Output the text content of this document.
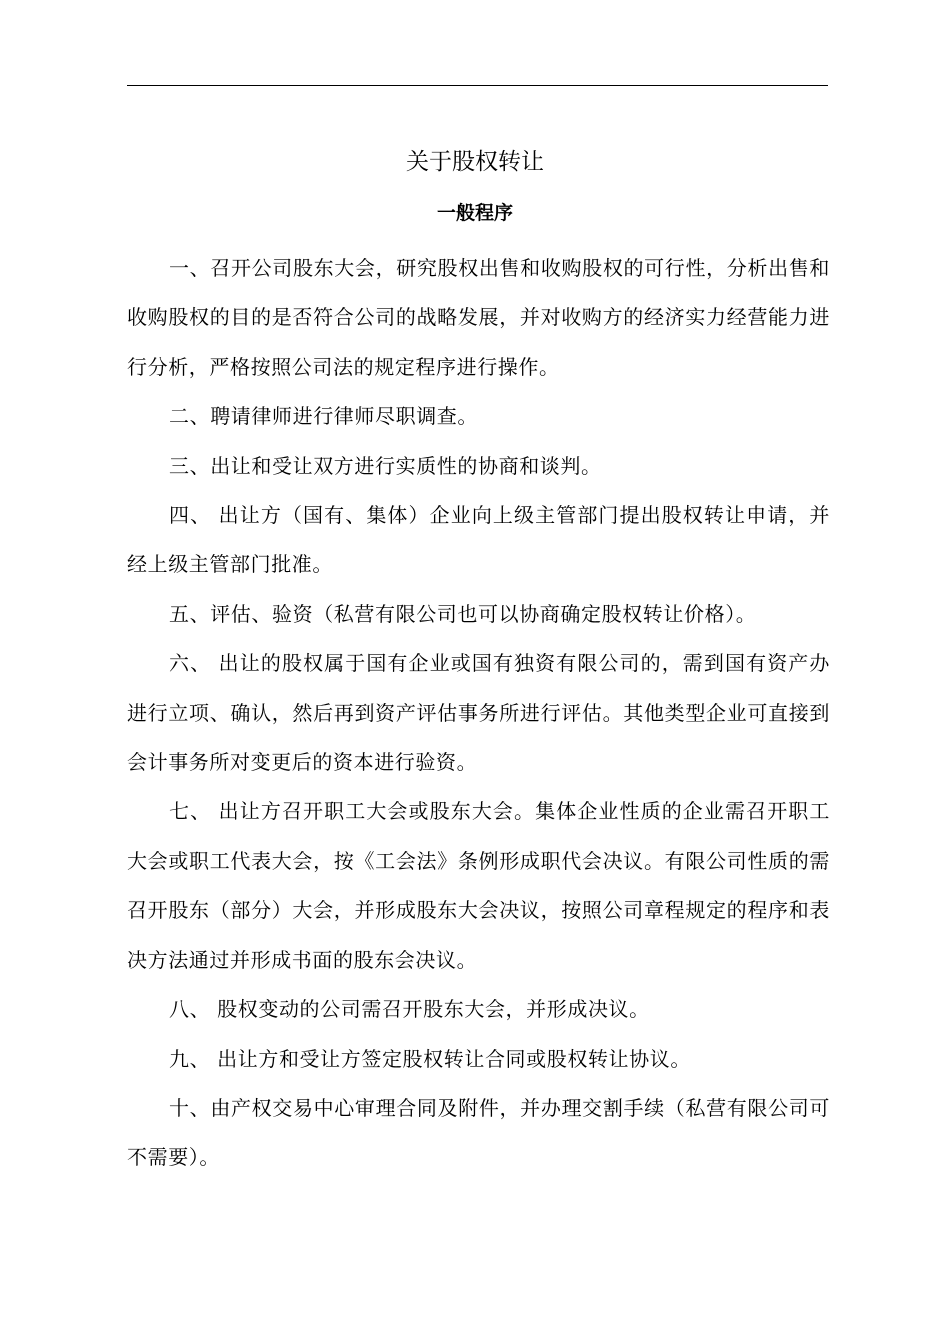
关于股权转让
一般程序

一、召开公司股东大会，研究股权出售和收购股权的可行性，分析出售和收购股权的目的是否符合公司的战略发展，并对收购方的经济实力经营能力进行分析，严格按照公司法的规定程序进行操作。

二、聘请律师进行律师尽职调查。

三、出让和受让双方进行实质性的协商和谈判。

四、 出让方（国有、集体）企业向上级主管部门提出股权转让申请，并经上级主管部门批准。

五、评估、验资（私营有限公司也可以协商确定股权转让价格）。

六、 出让的股权属于国有企业或国有独资有限公司的，需到国有资产办进行立项、确认，然后再到资产评估事务所进行评估。其他类型企业可直接到会计事务所对变更后的资本进行验资。

七、 出让方召开职工大会或股东大会。集体企业性质的企业需召开职工大会或职工代表大会，按《工会法》条例形成职代会决议。有限公司性质的需召开股东（部分）大会，并形成股东大会决议，按照公司章程规定的程序和表决方法通过并形成书面的股东会决议。

八、 股权变动的公司需召开股东大会，并形成决议。

九、 出让方和受让方签定股权转让合同或股权转让协议。

十、由产权交易中心审理合同及附件，并办理交割手续（私营有限公司可不需要）。
